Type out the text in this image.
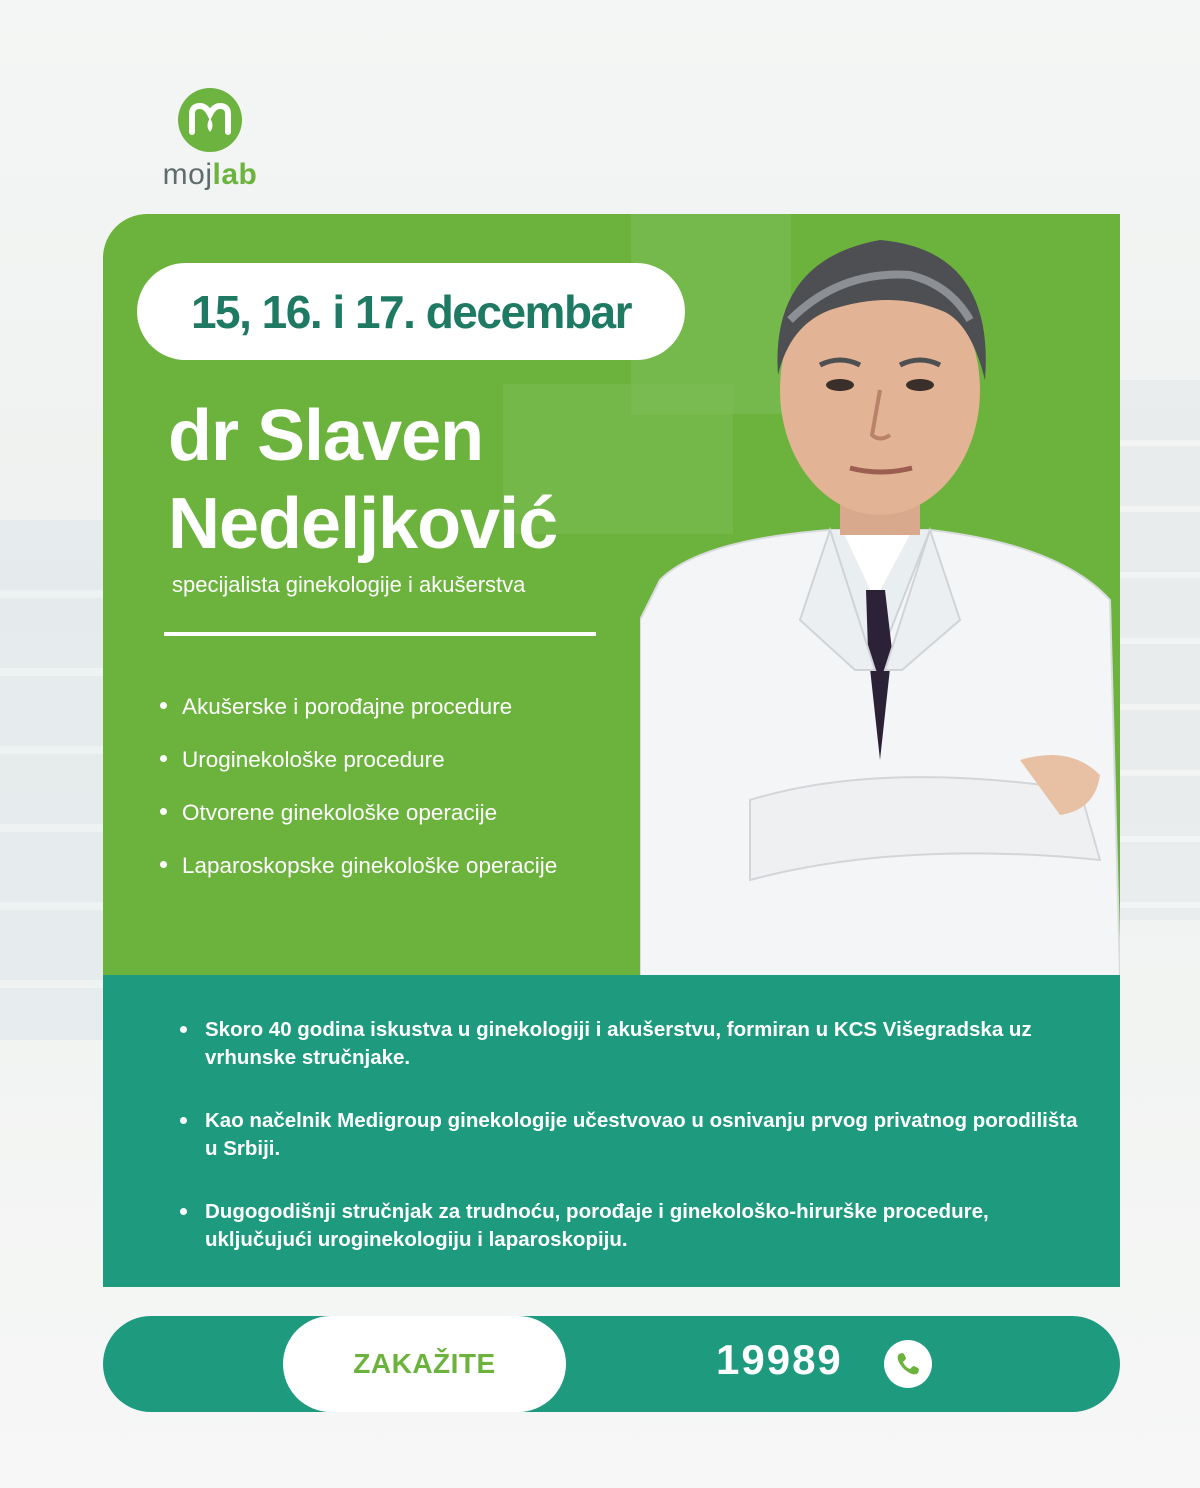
mojlab
15, 16. i 17. decembar
dr Slaven
Nedeljković
specijalista ginekologije i akušerstva
Akušerske i porođajne procedure
Uroginekološke procedure
Otvorene ginekološke operacije
Laparoskopske ginekološke operacije
Skoro 40 godina iskustva u ginekologiji i akušerstvu, formiran u KCS Višegradska uz vrhunske stručnjake.
Kao načelnik Medigroup ginekologije učestvovao u osnivanju prvog privatnog porodilišta u Srbiji.
Dugogodišnji stručnjak za trudnoću, porođaje i ginekološko-hirurške procedure, uključujući uroginekologiju i laparoskopiju.
ZAKAŽITE	19989
